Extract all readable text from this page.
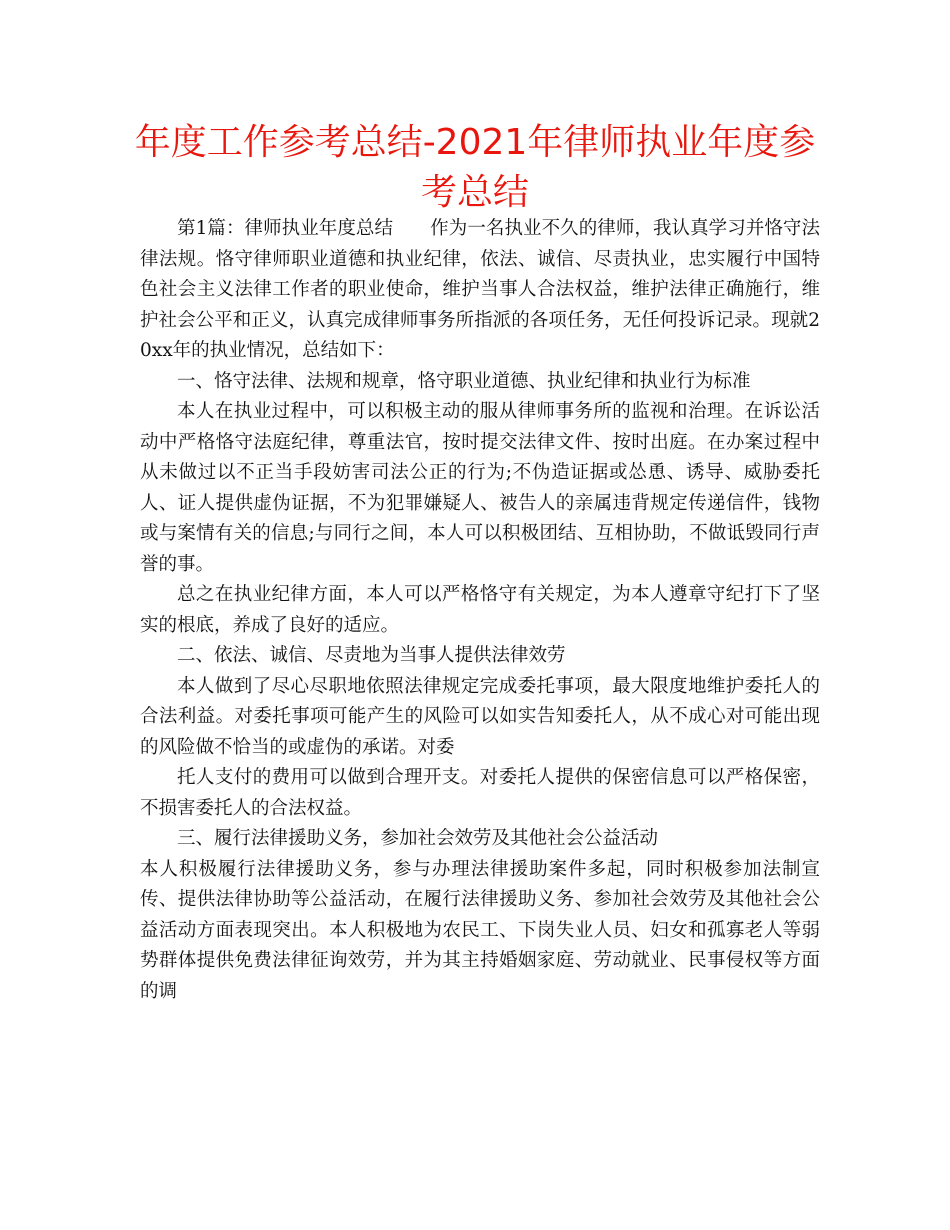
年度工作参考总结-2021年律师执业年度参考总结

第1篇：律师执业年度总结　　作为一名执业不久的律师，我认真学习并恪守法律法规。恪守律师职业道德和执业纪律，依法、诚信、尽责执业，忠实履行中国特色社会主义法律工作者的职业使命，维护当事人合法权益，维护法律正确施行，维护社会公平和正义，认真完成律师事务所指派的各项任务，无任何投诉记录。现就20xx年的执业情况，总结如下：

一、恪守法律、法规和规章，恪守职业道德、执业纪律和执业行为标准

本人在执业过程中，可以积极主动的服从律师事务所的监视和治理。在诉讼活动中严格恪守法庭纪律，尊重法官，按时提交法律文件、按时出庭。在办案过程中从未做过以不正当手段妨害司法公正的行为;不伪造证据或怂恿、诱导、威胁委托人、证人提供虚伪证据，不为犯罪嫌疑人、被告人的亲属违背规定传递信件，钱物或与案情有关的信息;与同行之间，本人可以积极团结、互相协助，不做诋毁同行声誉的事。

总之在执业纪律方面，本人可以严格恪守有关规定，为本人遵章守纪打下了坚实的根底，养成了良好的适应。

二、依法、诚信、尽责地为当事人提供法律效劳

本人做到了尽心尽职地依照法律规定完成委托事项，最大限度地维护委托人的合法利益。对委托事项可能产生的风险可以如实告知委托人，从不成心对可能出现的风险做不恰当的或虚伪的承诺。对委

托人支付的费用可以做到合理开支。对委托人提供的保密信息可以严格保密，不损害委托人的合法权益。

三、履行法律援助义务，参加社会效劳及其他社会公益活动

本人积极履行法律援助义务，参与办理法律援助案件多起，同时积极参加法制宣传、提供法律协助等公益活动，在履行法律援助义务、参加社会效劳及其他社会公益活动方面表现突出。本人积极地为农民工、下岗失业人员、妇女和孤寡老人等弱势群体提供免费法律征询效劳，并为其主持婚姻家庭、劳动就业、民事侵权等方面的调
